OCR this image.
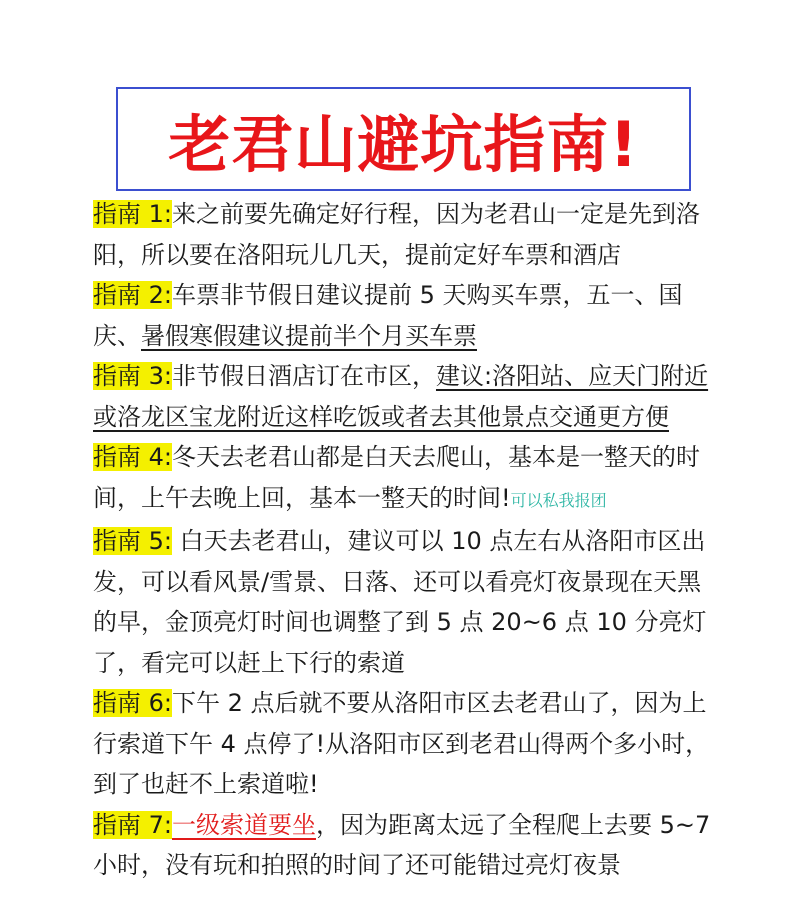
老君山避坑指南!

指南 1:来之前要先确定好行程，因为老君山一定是先到洛阳，所以要在洛阳玩儿几天，提前定好车票和酒店

指南 2:车票非节假日建议提前 5 天购买车票，五一、国庆、暑假寒假建议提前半个月买车票

指南 3:非节假日酒店订在市区，建议:洛阳站、应天门附近或洛龙区宝龙附近这样吃饭或者去其他景点交通更方便

指南 4:冬天去老君山都是白天去爬山，基本是一整天的时间，上午去晚上回，基本一整天的时间!可以私我报团

指南 5: 白天去老君山，建议可以 10 点左右从洛阳市区出发，可以看风景/雪景、日落、还可以看亮灯夜景现在天黑的早，金顶亮灯时间也调整了到 5 点 20~6 点 10 分亮灯了，看完可以赶上下行的索道

指南 6:下午 2 点后就不要从洛阳市区去老君山了，因为上行索道下午 4 点停了!从洛阳市区到老君山得两个多小时，到了也赶不上索道啦!

指南 7:一级索道要坐，因为距离太远了全程爬上去要 5~7 小时，没有玩和拍照的时间了还可能错过亮灯夜景
